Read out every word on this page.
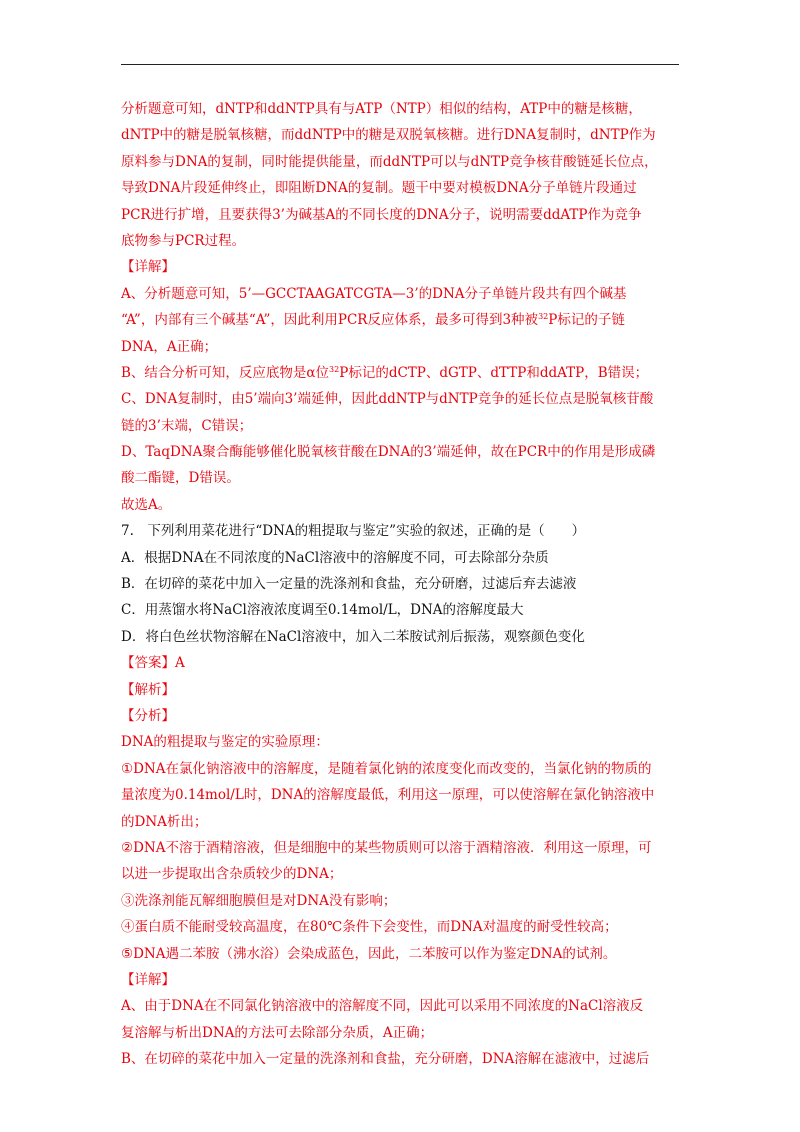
分析题意可知，dNTP和ddNTP具有与ATP（NTP）相似的结构，ATP中的糖是核糖，
dNTP中的糖是脱氧核糖，而ddNTP中的糖是双脱氧核糖。进行DNA复制时，dNTP作为
原料参与DNA的复制，同时能提供能量，而ddNTP可以与dNTP竞争核苷酸链延长位点，
导致DNA片段延伸终止，即阻断DNA的复制。题干中要对模板DNA分子单链片段通过
PCR进行扩增，且要获得3’为碱基A的不同长度的DNA分子，说明需要ddATP作为竞争
底物参与PCR过程。
【详解】
A、分析题意可知，5’—GCCTAAGATCGTA—3’的DNA分子单链片段共有四个碱基
“A”，内部有三个碱基“A”，因此利用PCR反应体系，最多可得到3种被$^{32}$P标记的子链
DNA，A正确；
B、结合分析可知，反应底物是α位$^{32}$P标记的dCTP、dGTP、dTTP和ddATP，B错误；
C、DNA复制时，由5’端向3’端延伸，因此ddNTP与dNTP竞争的延长位点是脱氧核苷酸
链的3’末端，C错误；
D、TaqDNA聚合酶能够催化脱氧核苷酸在DNA的3’端延伸，故在PCR中的作用是形成磷
酸二酯键，D错误。
故选A。
7.　下列利用菜花进行“DNA的粗提取与鉴定”实验的叙述，正确的是（　　）
A．根据DNA在不同浓度的NaCl溶液中的溶解度不同，可去除部分杂质
B．在切碎的菜花中加入一定量的洗涤剂和食盐，充分研磨，过滤后弃去滤液
C．用蒸馏水将NaCl溶液浓度调至0.14mol/L，DNA的溶解度最大
D．将白色丝状物溶解在NaCl溶液中，加入二苯胺试剂后振荡，观察颜色变化
【答案】A
【解析】
【分析】
DNA的粗提取与鉴定的实验原理：
①DNA在氯化钠溶液中的溶解度，是随着氯化钠的浓度变化而改变的，当氯化钠的物质的
量浓度为0.14mol/L时，DNA的溶解度最低，利用这一原理，可以使溶解在氯化钠溶液中
的DNA析出；
②DNA不溶于酒精溶液，但是细胞中的某些物质则可以溶于酒精溶液．利用这一原理，可
以进一步提取出含杂质较少的DNA；
③洗涤剂能瓦解细胞膜但是对DNA没有影响；
④蛋白质不能耐受较高温度，在80℃条件下会变性，而DNA对温度的耐受性较高；
⑤DNA遇二苯胺（沸水浴）会染成蓝色，因此，二苯胺可以作为鉴定DNA的试剂。
【详解】
A、由于DNA在不同氯化钠溶液中的溶解度不同，因此可以采用不同浓度的NaCl溶液反
复溶解与析出DNA的方法可去除部分杂质，A正确；
B、在切碎的菜花中加入一定量的洗涤剂和食盐，充分研磨，DNA溶解在滤液中，过滤后
